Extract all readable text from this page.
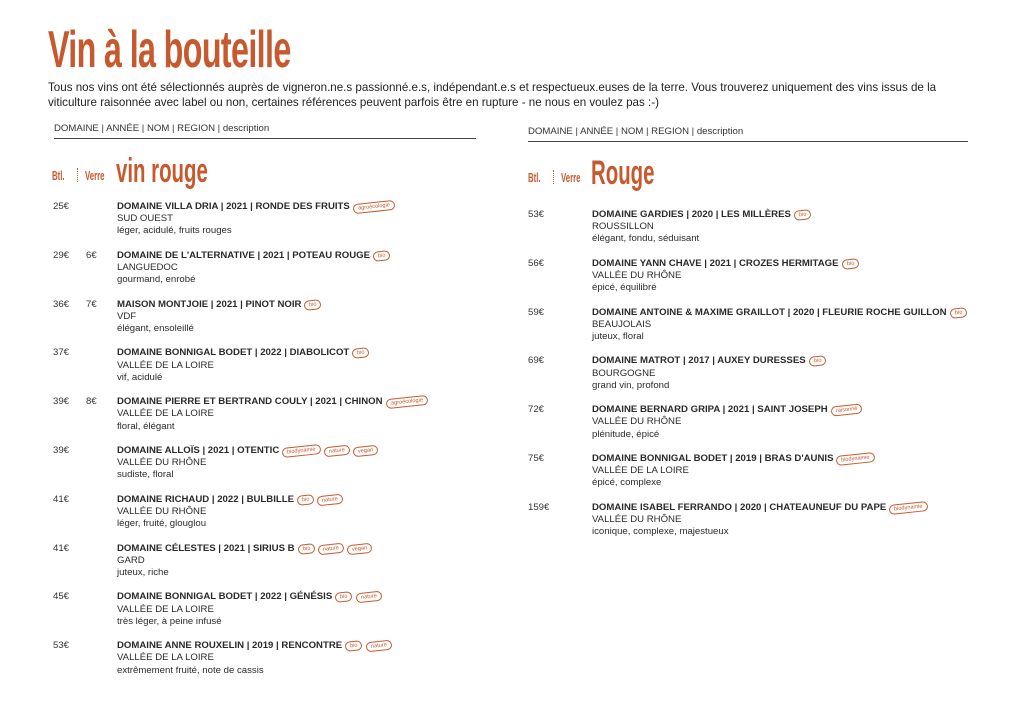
Vin à la bouteille
Tous nos vins ont été sélectionnés auprès de vigneron.ne.s passionné.e.s, indépendant.e.s et respectueux.euses de la terre. Vous trouverez uniquement des vins issus de la viticulture raisonnée avec label ou non, certaines références peuvent parfois être en rupture - ne nous en voulez pas :-)
DOMAINE | ANNÉE | NOM | REGION | description
Btl. Verre vin rouge
25€	DOMAINE VILLA DRIA | 2021 | RONDE DES FRUITS agroécologie
SUD OUEST
léger, acidulé, fruits rouges
29€ 6€ DOMAINE DE L'ALTERNATIVE | 2021 | POTEAU ROUGE bio
LANGUEDOC
gourmand, enrobé
36€ 7€ MAISON MONTJOIE | 2021 | PINOT NOIR bio
VDF
élégant, ensoleillé
37€	DOMAINE BONNIGAL BODET | 2022 | DIABOLICOT bio
VALLÉE DE LA LOIRE
vif, acidulé
39€ 8€ DOMAINE PIERRE ET BERTRAND COULY | 2021 | CHINON agroécologie
VALLÉE DE LA LOIRE
floral, élégant
39€	DOMAINE ALLOÏS | 2021 | OTENTIC biodynamie nature vegan
VALLÉE DU RHÔNE
sudiste, floral
41€	DOMAINE RICHAUD | 2022 | BULBILLE bio nature
VALLÉE DU RHÔNE
léger, fruité, glouglou
41€	DOMAINE CÉLESTES | 2021 | SIRIUS B bio nature vegan
GARD
juteux, riche
45€	DOMAINE BONNIGAL BODET | 2022 | GÉNÉSIS bio nature
VALLÉE DE LA LOIRE
très léger, à peine infusé
53€	DOMAINE ANNE ROUXELIN | 2019 | RENCONTRE bio nature
VALLÉE DE LA LOIRE
extrêmement fruité, note de cassis
DOMAINE | ANNÉE | NOM | REGION | description
Btl. Verre Rouge
53€	DOMAINE GARDIES | 2020 | LES MILLÈRES bio
ROUSSILLON
élégant, fondu, séduisant
56€	DOMAINE YANN CHAVE | 2021 | CROZES HERMITAGE bio
VALLÉE DU RHÔNE
épicé, équilibré
59€	DOMAINE ANTOINE & MAXIME GRAILLOT | 2020 | FLEURIE ROCHE GUILLON bio
BEAUJOLAIS
juteux, floral
69€	DOMAINE MATROT | 2017 | AUXEY DURESSES bio
BOURGOGNE
grand vin, profond
72€	DOMAINE BERNARD GRIPA | 2021 | SAINT JOSEPH raisonné
VALLÉE DU RHÔNE
plénitude, épicé
75€	DOMAINE BONNIGAL BODET | 2019 | BRAS D'AUNIS biodynamie
VALLÉE DE LA LOIRE
épicé, complexe
159€	DOMAINE ISABEL FERRANDO | 2020 | CHATEAUNEUF DU PAPE biodynamie
VALLÉE DU RHÔNE
iconique, complexe, majestueux
